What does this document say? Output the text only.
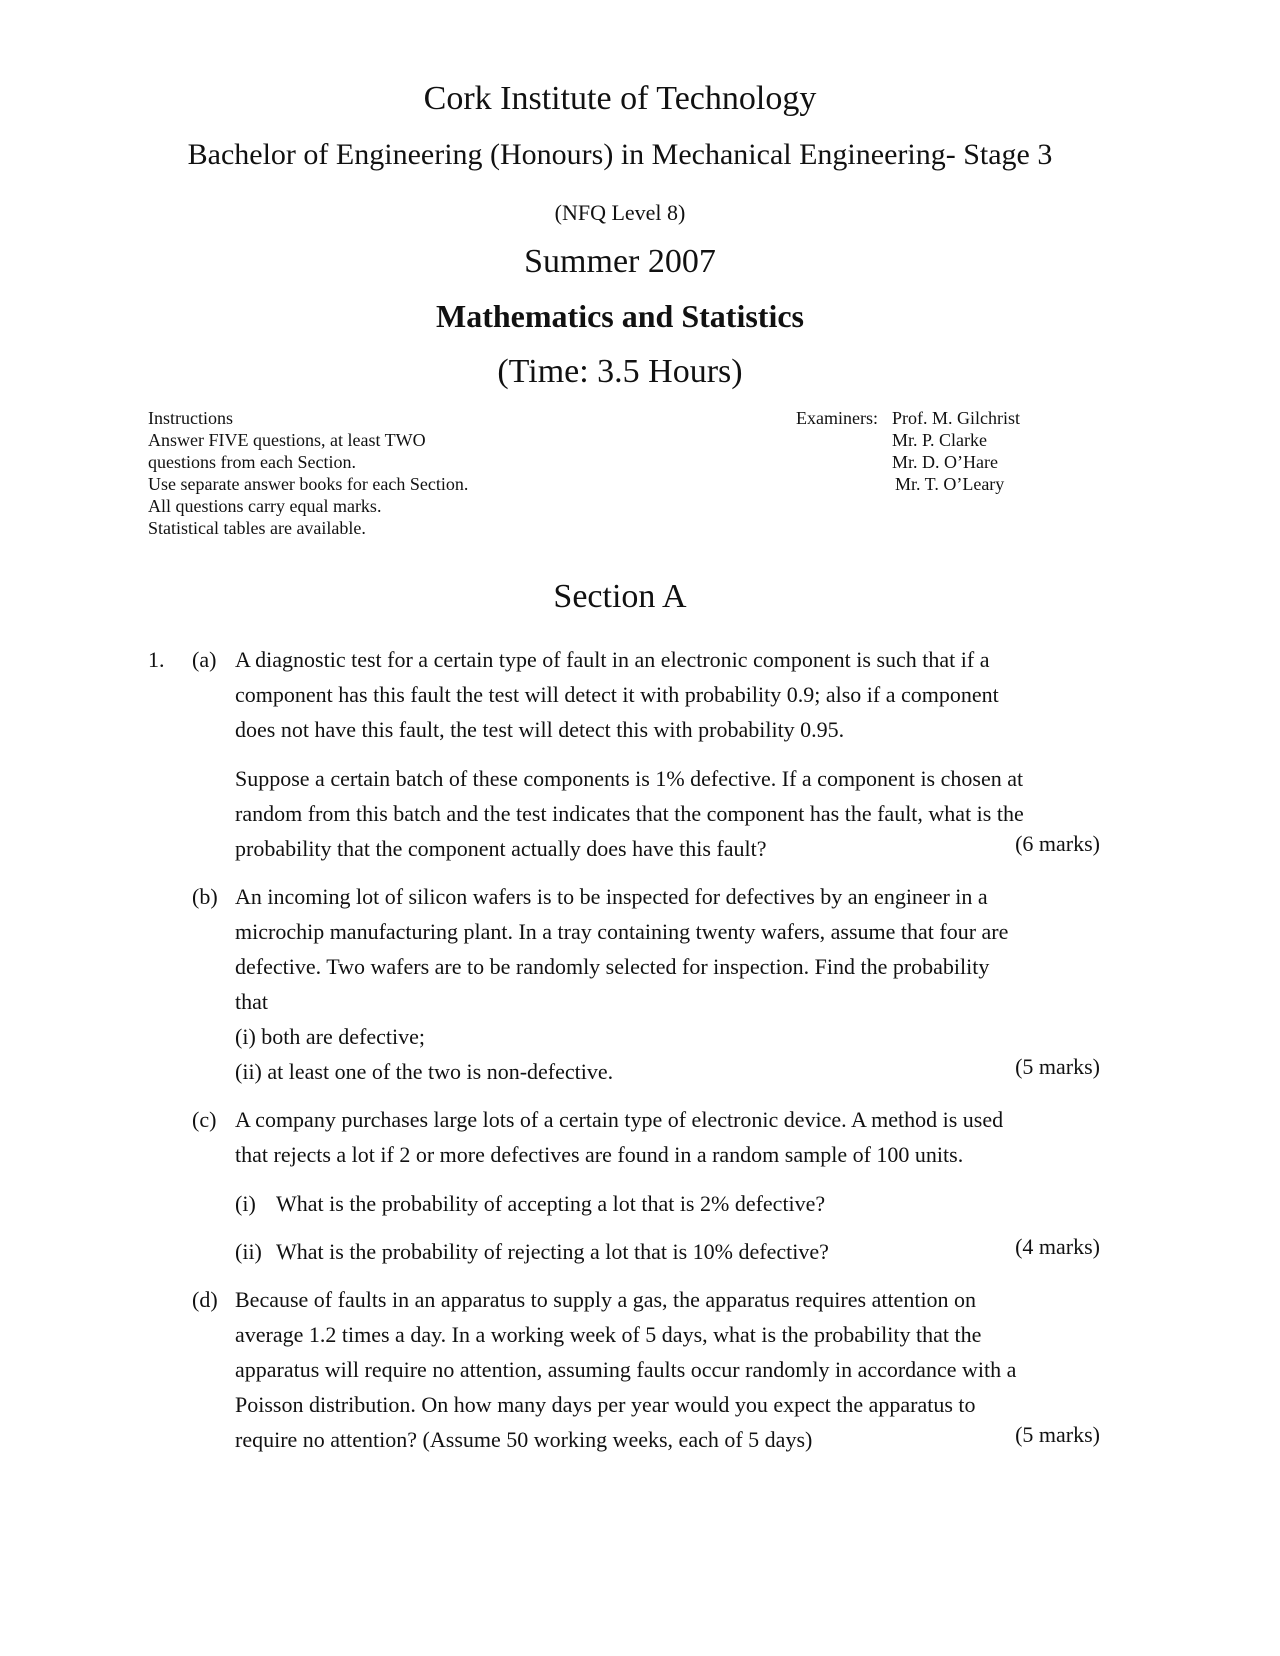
Cork Institute of Technology
Bachelor of Engineering (Honours) in Mechanical Engineering- Stage 3
(NFQ Level 8)
Summer 2007
Mathematics and Statistics
(Time: 3.5 Hours)
Instructions
Answer FIVE questions, at least TWO
questions from each Section.
Use separate answer books for each Section.
All questions carry equal marks.
Statistical tables are available.
Examiners: Prof. M. Gilchrist
Mr. P. Clarke
Mr. D. O’Hare
Mr. T. O’Leary
Section A
1. (a) A diagnostic test for a certain type of fault in an electronic component is such that if a
component has this fault the test will detect it with probability 0.9; also if a component
does not have this fault, the test will detect this with probability 0.95.
Suppose a certain batch of these components is 1% defective. If a component is chosen at
random from this batch and the test indicates that the component has the fault, what is the
probability that the component actually does have this fault?	(6 marks)
(b) An incoming lot of silicon wafers is to be inspected for defectives by an engineer in a
microchip manufacturing plant. In a tray containing twenty wafers, assume that four are
defective. Two wafers are to be randomly selected for inspection. Find the probability
that
(i) both are defective;
(ii) at least one of the two is non-defective.	(5 marks)
(c) A company purchases large lots of a certain type of electronic device. A method is used
that rejects a lot if 2 or more defectives are found in a random sample of 100 units.
(i) What is the probability of accepting a lot that is 2% defective?
(ii) What is the probability of rejecting a lot that is 10% defective?	(4 marks)
(d) Because of faults in an apparatus to supply a gas, the apparatus requires attention on
average 1.2 times a day. In a working week of 5 days, what is the probability that the
apparatus will require no attention, assuming faults occur randomly in accordance with a
Poisson distribution. On how many days per year would you expect the apparatus to
require no attention? (Assume 50 working weeks, each of 5 days)	(5 marks)
